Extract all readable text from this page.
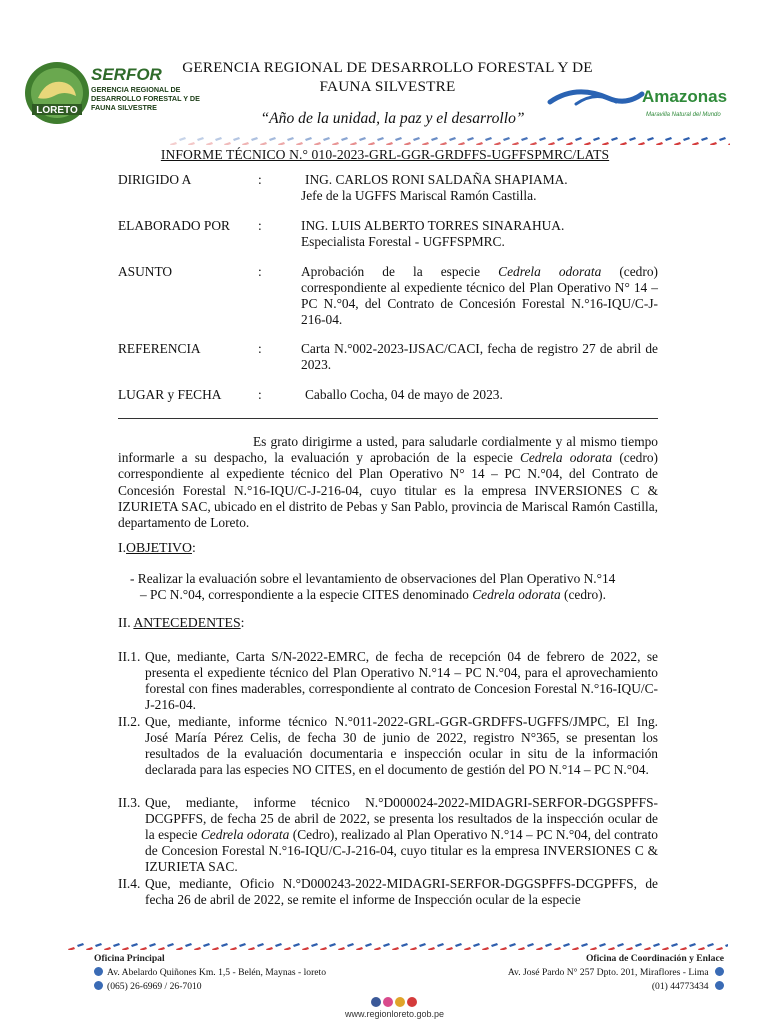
LORETO
SERFOR
GERENCIA REGIONAL DE
DESARROLLO FORESTAL Y DE
FAUNA SILVESTRE
GERENCIA REGIONAL DE DESARROLLO FORESTAL Y DE
FAUNA SILVESTRE
“Año de la unidad, la paz y el desarrollo”
Amazonas
Maravilla Natural del Mundo
INFORME TÉCNICO N.° 010-2023-GRL-GGR-GRDFFS-UGFFSPMRC/LATS
DIRIGIDO A	:	ING. CARLOS RONI SALDAÑA SHAPIAMA.
Jefe de la UGFFS Mariscal Ramón Castilla.
ELABORADO POR :	ING. LUIS ALBERTO TORRES SINARAHUA.
Especialista Forestal - UGFFSPMRC.
ASUNTO	:	Aprobación de la especie Cedrela odorata (cedro) correspondiente al expediente técnico del Plan Operativo N° 14 – PC N.°04, del Contrato de Concesión Forestal N.°16-IQU/C-J-216-04.
REFERENCIA	:	Carta N.°002-2023-IJSAC/CACI, fecha de registro 27 de abril de 2023.
LUGAR y FECHA	:	Caballo Cocha, 04 de mayo de 2023.
Es grato dirigirme a usted, para saludarle cordialmente y al mismo tiempo informarle a su despacho, la evaluación y aprobación de la especie Cedrela odorata (cedro) correspondiente al expediente técnico del Plan Operativo N° 14 – PC N.°04, del Contrato de Concesión Forestal N.°16-IQU/C-J-216-04, cuyo titular es la empresa INVERSIONES C & IZURIETA SAC, ubicado en el distrito de Pebas y San Pablo, provincia de Mariscal Ramón Castilla, departamento de Loreto.
I.OBJETIVO:
- Realizar la evaluación sobre el levantamiento de observaciones del Plan Operativo N.°14
– PC N.°04, correspondiente a la especie CITES denominado Cedrela odorata (cedro).
II. ANTECEDENTES:
II.1. Que, mediante, Carta S/N-2022-EMRC, de fecha de recepción 04 de febrero de 2022, se presenta el expediente técnico del Plan Operativo N.°14 – PC N.°04, para el aprovechamiento forestal con fines maderables, correspondiente al contrato de Concesion Forestal N.°16-IQU/C-J-216-04.
II.2. Que, mediante, informe técnico N.°011-2022-GRL-GGR-GRDFFS-UGFFS/JMPC, El Ing. José María Pérez Celis, de fecha 30 de junio de 2022, registro N°365, se presentan los resultados de la evaluación documentaria e inspección ocular in situ de la información declarada para las especies NO CITES, en el documento de gestión del PO N.°14 – PC N.°04.
II.3. Que, mediante, informe técnico N.°D000024-2022-MIDAGRI-SERFOR-DGGSPFFS-DCGPFFS, de fecha 25 de abril de 2022, se presenta los resultados de la inspección ocular de la especie Cedrela odorata (Cedro), realizado al Plan Operativo N.°14 – PC N.°04, del contrato de Concesion Forestal N.°16-IQU/C-J-216-04, cuyo titular es la empresa INVERSIONES C & IZURIETA SAC.
II.4. Que, mediante, Oficio N.°D000243-2022-MIDAGRI-SERFOR-DGGSPFFS-DCGPFFS, de fecha 26 de abril de 2022, se remite el informe de Inspección ocular de la especie
Oficina Principal
Av. Abelardo Quiñones Km. 1,5 - Belén, Maynas - loreto
(065) 26-6969 / 26-7010
Oficina de Coordinación y Enlace
Av. José Pardo N° 257 Dpto. 201, Miraflores - Lima
(01) 44773434
www.regionloreto.gob.pe
